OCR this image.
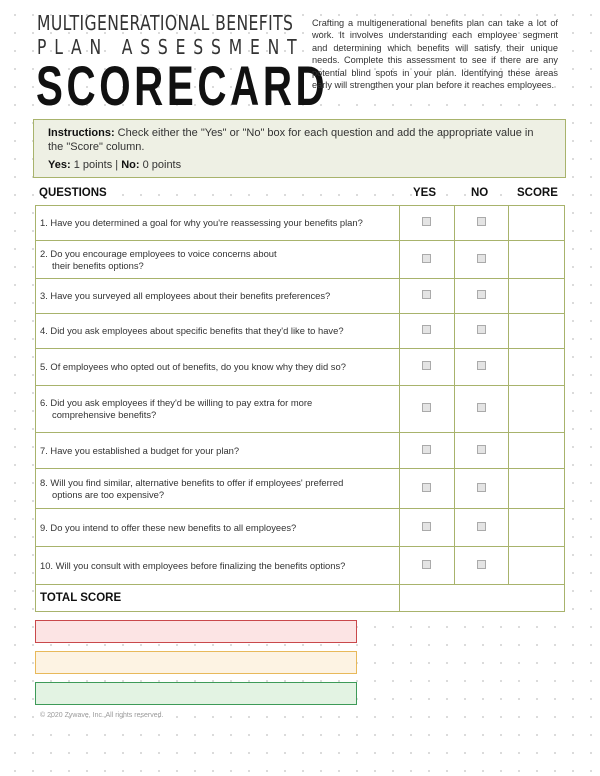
MULTIGENERATIONAL BENEFITS
PLAN ASSESSMENT
SCORECARD
Crafting a multigenerational benefits plan can take a lot of work. It involves understanding each employee segment and determining which benefits will satisfy their unique needs. Complete this assessment to see if there are any potential blind spots in your plan. Identifying these areas early will strengthen your plan before it reaches employees.

Instructions: Check either the "Yes" or "No" box for each question and add the appropriate value in the "Score" column.

Yes: 1 points | No: 0 points

QUESTIONS	YES	NO	SCORE
1. Have you determined a goal for why you're reassessing your benefits plan?			
2. Do you encourage employees to voice concerns about
their benefits options?			

3. Have you surveyed all employees about their benefits preferences?			
4. Did you ask employees about specific benefits that they'd like to have?			
5. Of employees who opted out of benefits, do you know why they did so?			
6. Did you ask employees if they'd be willing to pay extra for more
comprehensive benefits?			

7. Have you established a budget for your plan?			
8. Will you find similar, alternative benefits to offer if employees' preferred
options are too expensive?			

9. Do you intend to offer these new benefits to all employees?			
10. Will you consult with employees before finalizing the benefits options?			
TOTAL SCORE			
© 2020 Zywave, Inc. All rights reserved.
